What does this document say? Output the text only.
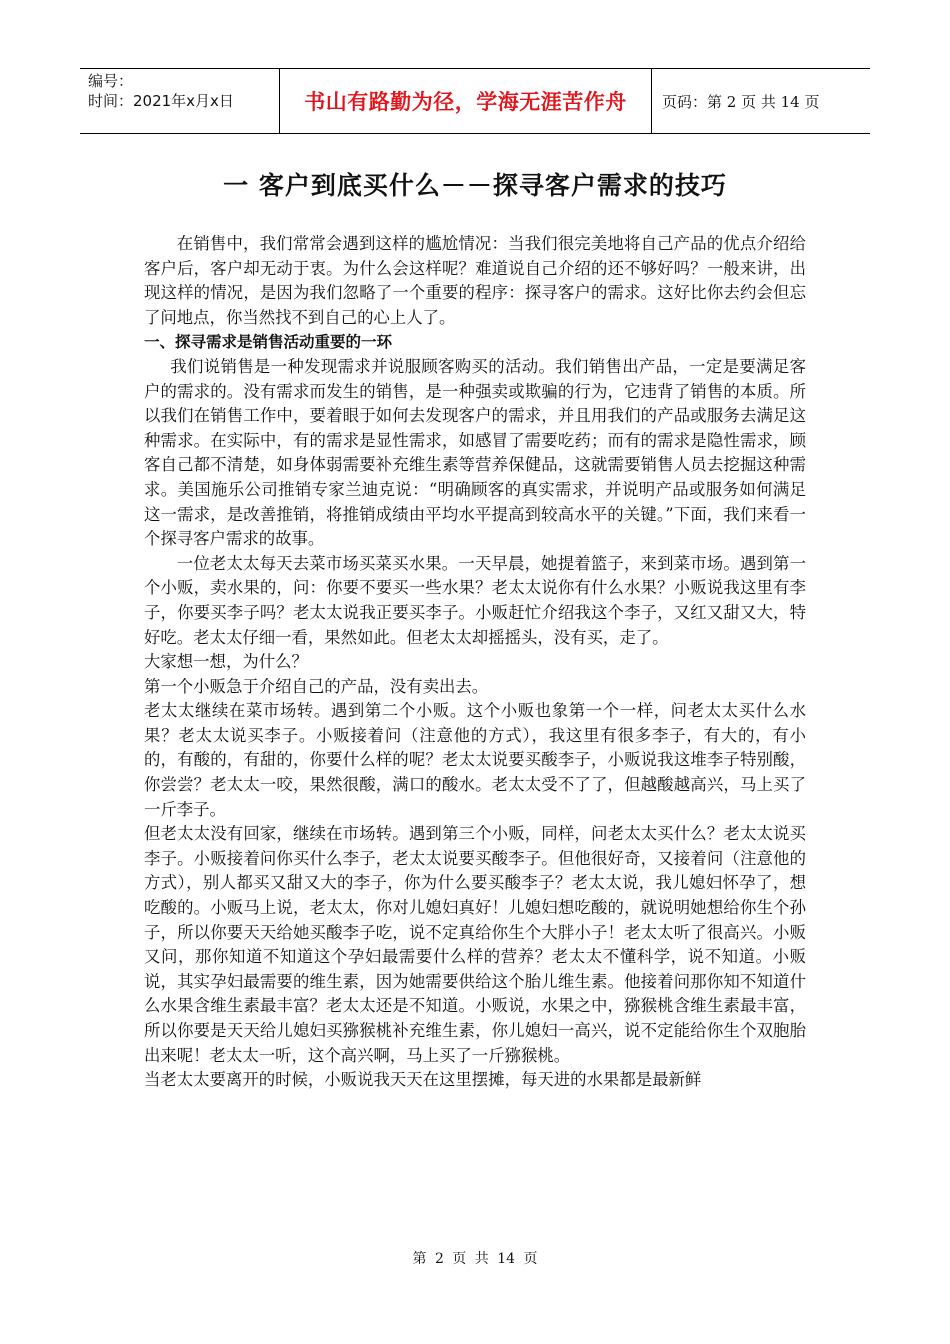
编号：
时间：2021年x月x日	书山有路勤为径，学海无涯苦作舟 页码：第 2 页 共 14 页
一 客户到底买什么－－探寻客户需求的技巧

在销售中，我们常常会遇到这样的尴尬情况：当我们很完美地将自己产品的优点介绍给客户后，客户却无动于衷。为什么会这样呢？难道说自己介绍的还不够好吗？一般来讲，出现这样的情况，是因为我们忽略了一个重要的程序：探寻客户的需求。这好比你去约会但忘了问地点，你当然找不到自己的心上人了。

一、探寻需求是销售活动重要的一环

我们说销售是一种发现需求并说服顾客购买的活动。我们销售出产品，一定是要满足客户的需求的。没有需求而发生的销售，是一种强卖或欺骗的行为，它违背了销售的本质。所以我们在销售工作中，要着眼于如何去发现客户的需求，并且用我们的产品或服务去满足这种需求。在实际中，有的需求是显性需求，如感冒了需要吃药；而有的需求是隐性需求，顾客自己都不清楚，如身体弱需要补充维生素等营养保健品，这就需要销售人员去挖掘这种需求。美国施乐公司推销专家兰迪克说：“明确顾客的真实需求，并说明产品或服务如何满足这一需求，是改善推销，将推销成绩由平均水平提高到较高水平的关键。”下面，我们来看一个探寻客户需求的故事。

一位老太太每天去菜市场买菜买水果。一天早晨，她提着篮子，来到菜市场。遇到第一个小贩，卖水果的，问：你要不要买一些水果？老太太说你有什么水果？小贩说我这里有李子，你要买李子吗？老太太说我正要买李子。小贩赶忙介绍我这个李子，又红又甜又大，特好吃。老太太仔细一看，果然如此。但老太太却摇摇头，没有买，走了。

大家想一想，为什么？

第一个小贩急于介绍自己的产品，没有卖出去。

老太太继续在菜市场转。遇到第二个小贩。这个小贩也象第一个一样，问老太太买什么水果？老太太说买李子。小贩接着问（注意他的方式），我这里有很多李子，有大的，有小的，有酸的，有甜的，你要什么样的呢？老太太说要买酸李子，小贩说我这堆李子特别酸，你尝尝？老太太一咬，果然很酸，满口的酸水。老太太受不了了，但越酸越高兴，马上买了一斤李子。

但老太太没有回家，继续在市场转。遇到第三个小贩，同样，问老太太买什么？老太太说买李子。小贩接着问你买什么李子，老太太说要买酸李子。但他很好奇，又接着问（注意他的方式），别人都买又甜又大的李子，你为什么要买酸李子？老太太说，我儿媳妇怀孕了，想吃酸的。小贩马上说，老太太，你对儿媳妇真好！儿媳妇想吃酸的，就说明她想给你生个孙子，所以你要天天给她买酸李子吃，说不定真给你生个大胖小子！老太太听了很高兴。小贩又问，那你知道不知道这个孕妇最需要什么样的营养？老太太不懂科学，说不知道。小贩说，其实孕妇最需要的维生素，因为她需要供给这个胎儿维生素。他接着问那你知不知道什么水果含维生素最丰富？老太太还是不知道。小贩说，水果之中，猕猴桃含维生素最丰富，所以你要是天天给儿媳妇买猕猴桃补充维生素，你儿媳妇一高兴，说不定能给你生个双胞胎出来呢！老太太一听，这个高兴啊，马上买了一斤猕猴桃。

当老太太要离开的时候，小贩说我天天在这里摆摊，每天进的水果都是最新鲜

第 2 页 共 14 页
